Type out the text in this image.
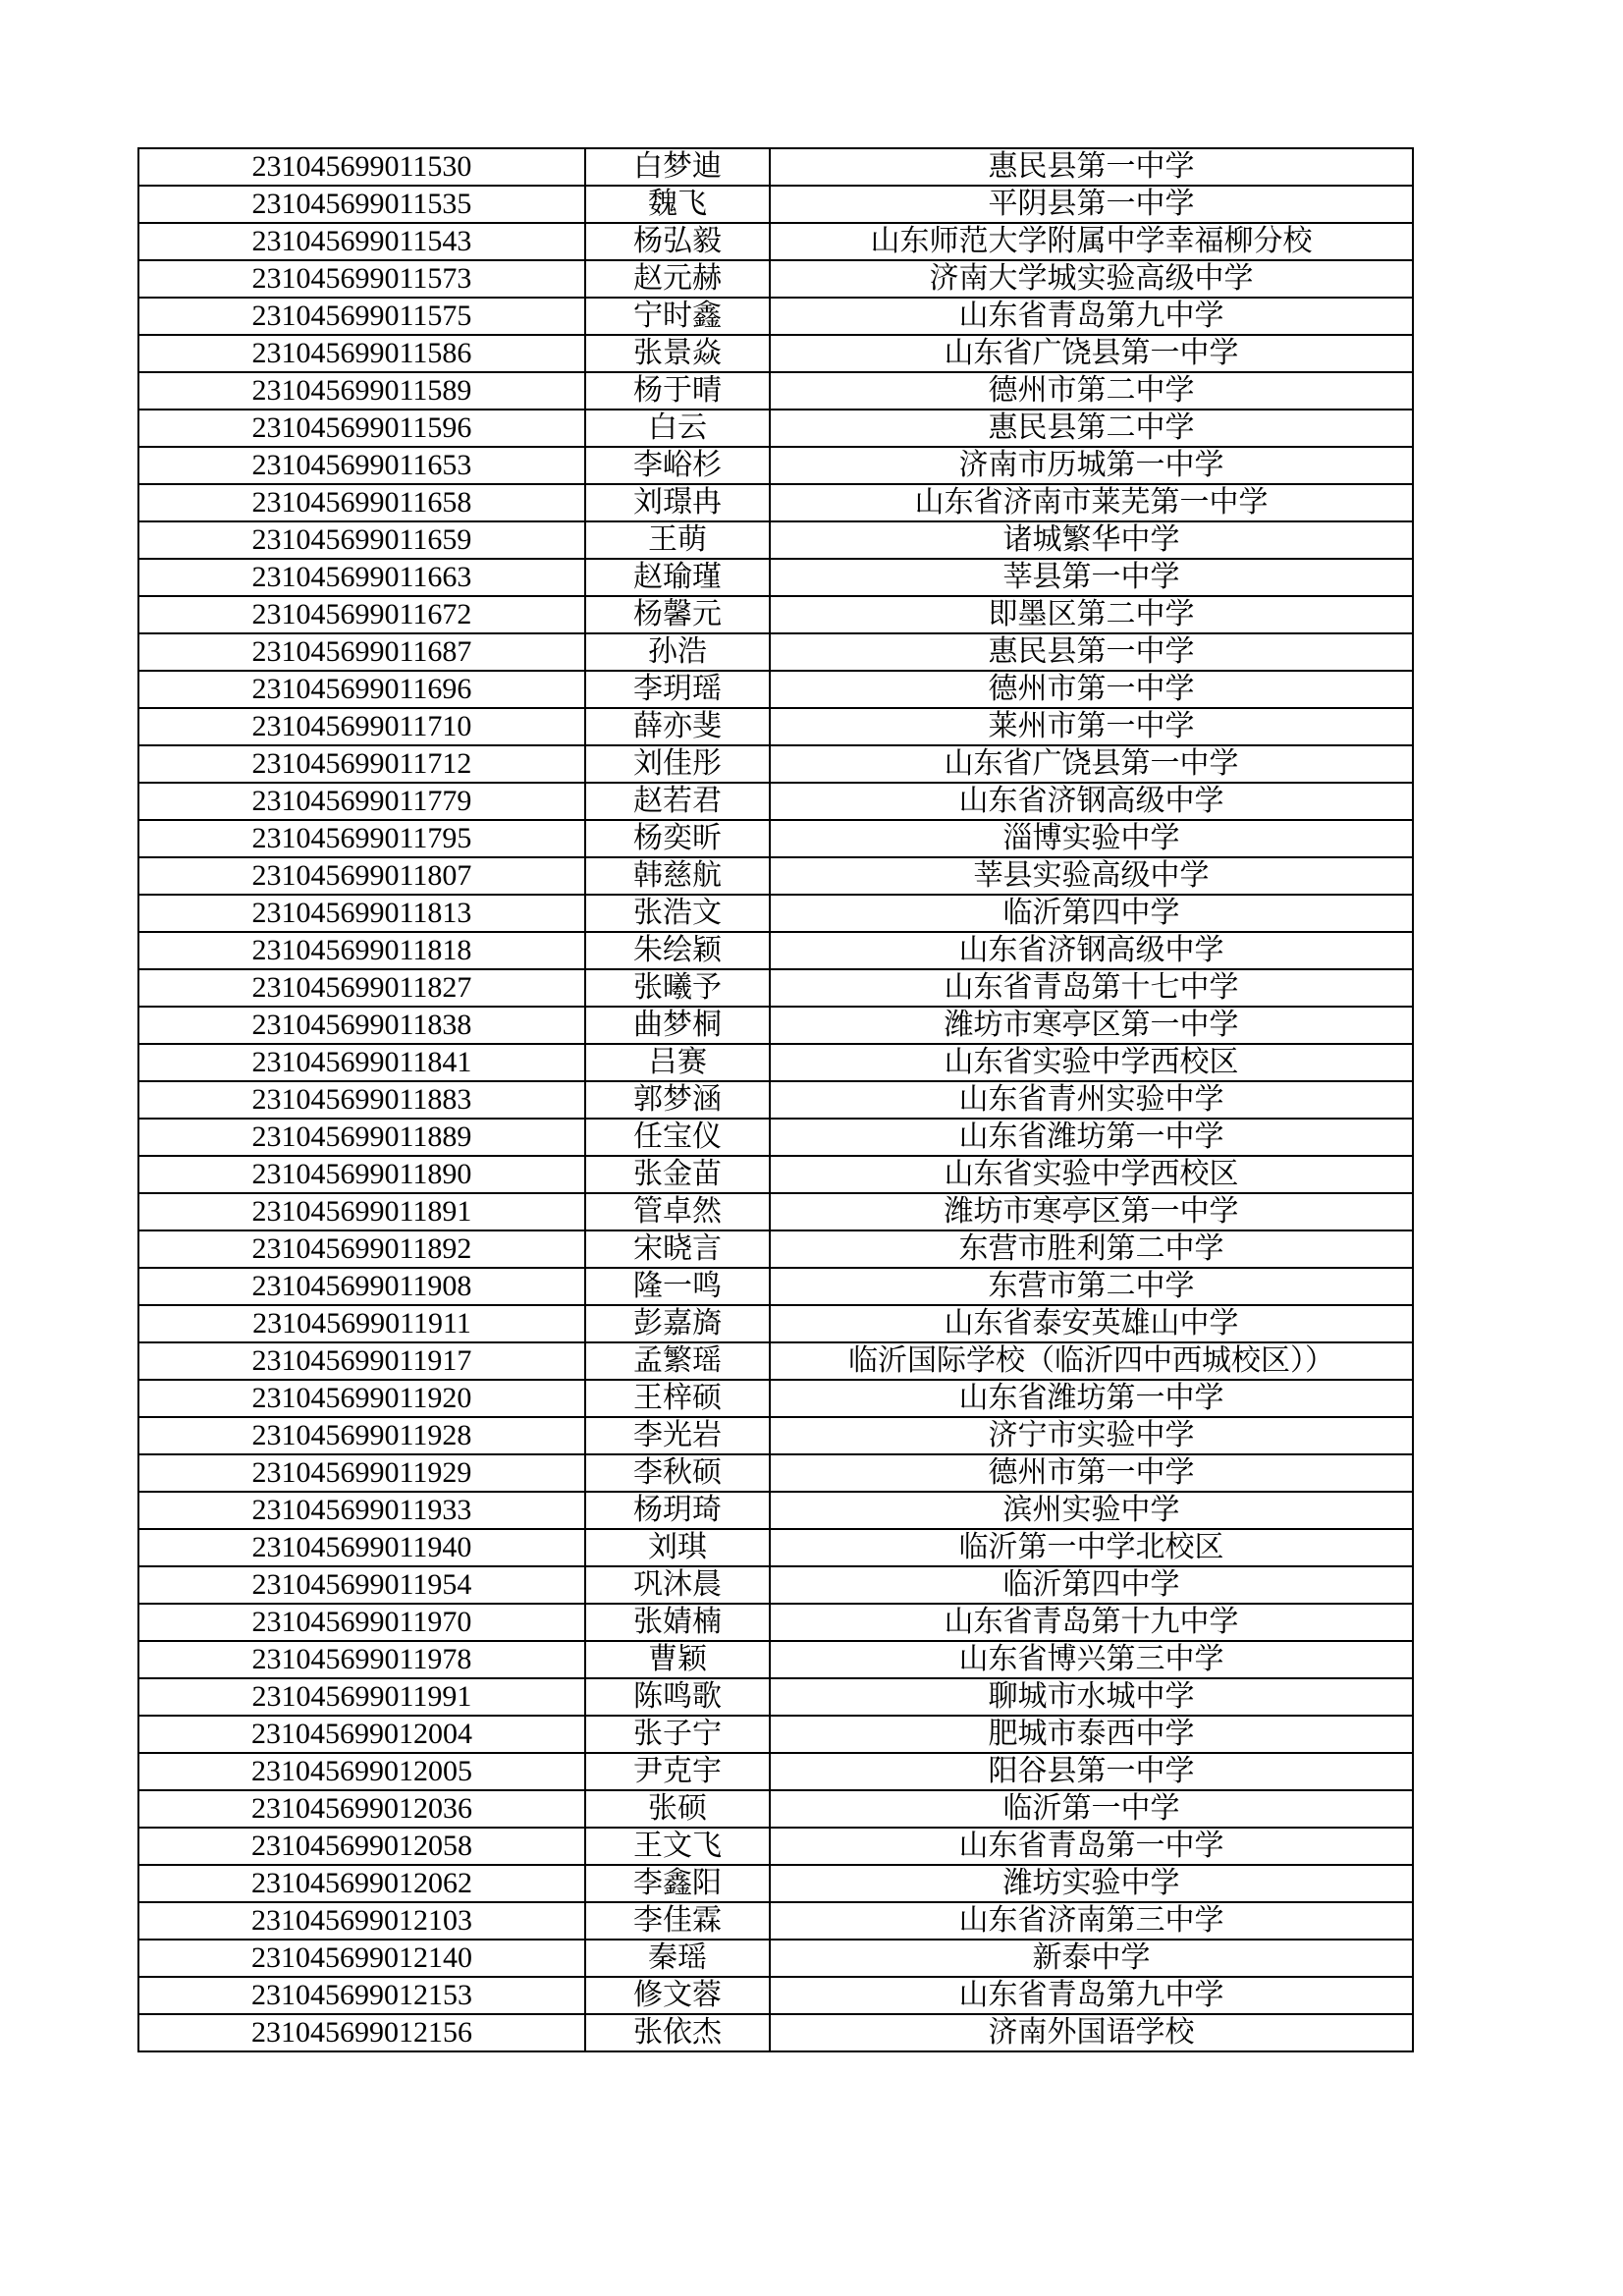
231045699011530	白梦迪	惠民县第一中学
231045699011535	魏飞	平阴县第一中学
231045699011543	杨弘毅	山东师范大学附属中学幸福柳分校
231045699011573	赵元赫	济南大学城实验高级中学
231045699011575	宁时鑫	山东省青岛第九中学
231045699011586	张景焱	山东省广饶县第一中学
231045699011589	杨于晴	德州市第二中学
231045699011596	白云	惠民县第二中学
231045699011653	李峪杉	济南市历城第一中学
231045699011658	刘璟冉	山东省济南市莱芜第一中学
231045699011659	王萌	诸城繁华中学
231045699011663	赵瑜瑾	莘县第一中学
231045699011672	杨馨元	即墨区第二中学
231045699011687	孙浩	惠民县第一中学
231045699011696	李玥瑶	德州市第一中学
231045699011710	薛亦斐	莱州市第一中学
231045699011712	刘佳彤	山东省广饶县第一中学
231045699011779	赵若君	山东省济钢高级中学
231045699011795	杨奕昕	淄博实验中学
231045699011807	韩慈航	莘县实验高级中学
231045699011813	张浩文	临沂第四中学
231045699011818	朱绘颖	山东省济钢高级中学
231045699011827	张曦予	山东省青岛第十七中学
231045699011838	曲梦桐	潍坊市寒亭区第一中学
231045699011841	吕赛	山东省实验中学西校区
231045699011883	郭梦涵	山东省青州实验中学
231045699011889	任宝仪	山东省潍坊第一中学
231045699011890	张金苗	山东省实验中学西校区
231045699011891	管卓然	潍坊市寒亭区第一中学
231045699011892	宋晓言	东营市胜利第二中学
231045699011908	隆一鸣	东营市第二中学
231045699011911	彭嘉旖	山东省泰安英雄山中学
231045699011917	孟繁瑶	临沂国际学校（临沂四中西城校区））
231045699011920	王梓硕	山东省潍坊第一中学
231045699011928	李光岩	济宁市实验中学
231045699011929	李秋硕	德州市第一中学
231045699011933	杨玥琦	滨州实验中学
231045699011940	刘琪	临沂第一中学北校区
231045699011954	巩沐晨	临沂第四中学
231045699011970	张婧楠	山东省青岛第十九中学
231045699011978	曹颖	山东省博兴第三中学
231045699011991	陈鸣歌	聊城市水城中学
231045699012004	张子宁	肥城市泰西中学
231045699012005	尹克宇	阳谷县第一中学
231045699012036	张硕	临沂第一中学
231045699012058	王文飞	山东省青岛第一中学
231045699012062	李鑫阳	潍坊实验中学
231045699012103	李佳霖	山东省济南第三中学
231045699012140	秦瑶	新泰中学
231045699012153	修文蓉	山东省青岛第九中学
231045699012156	张依杰	济南外国语学校
